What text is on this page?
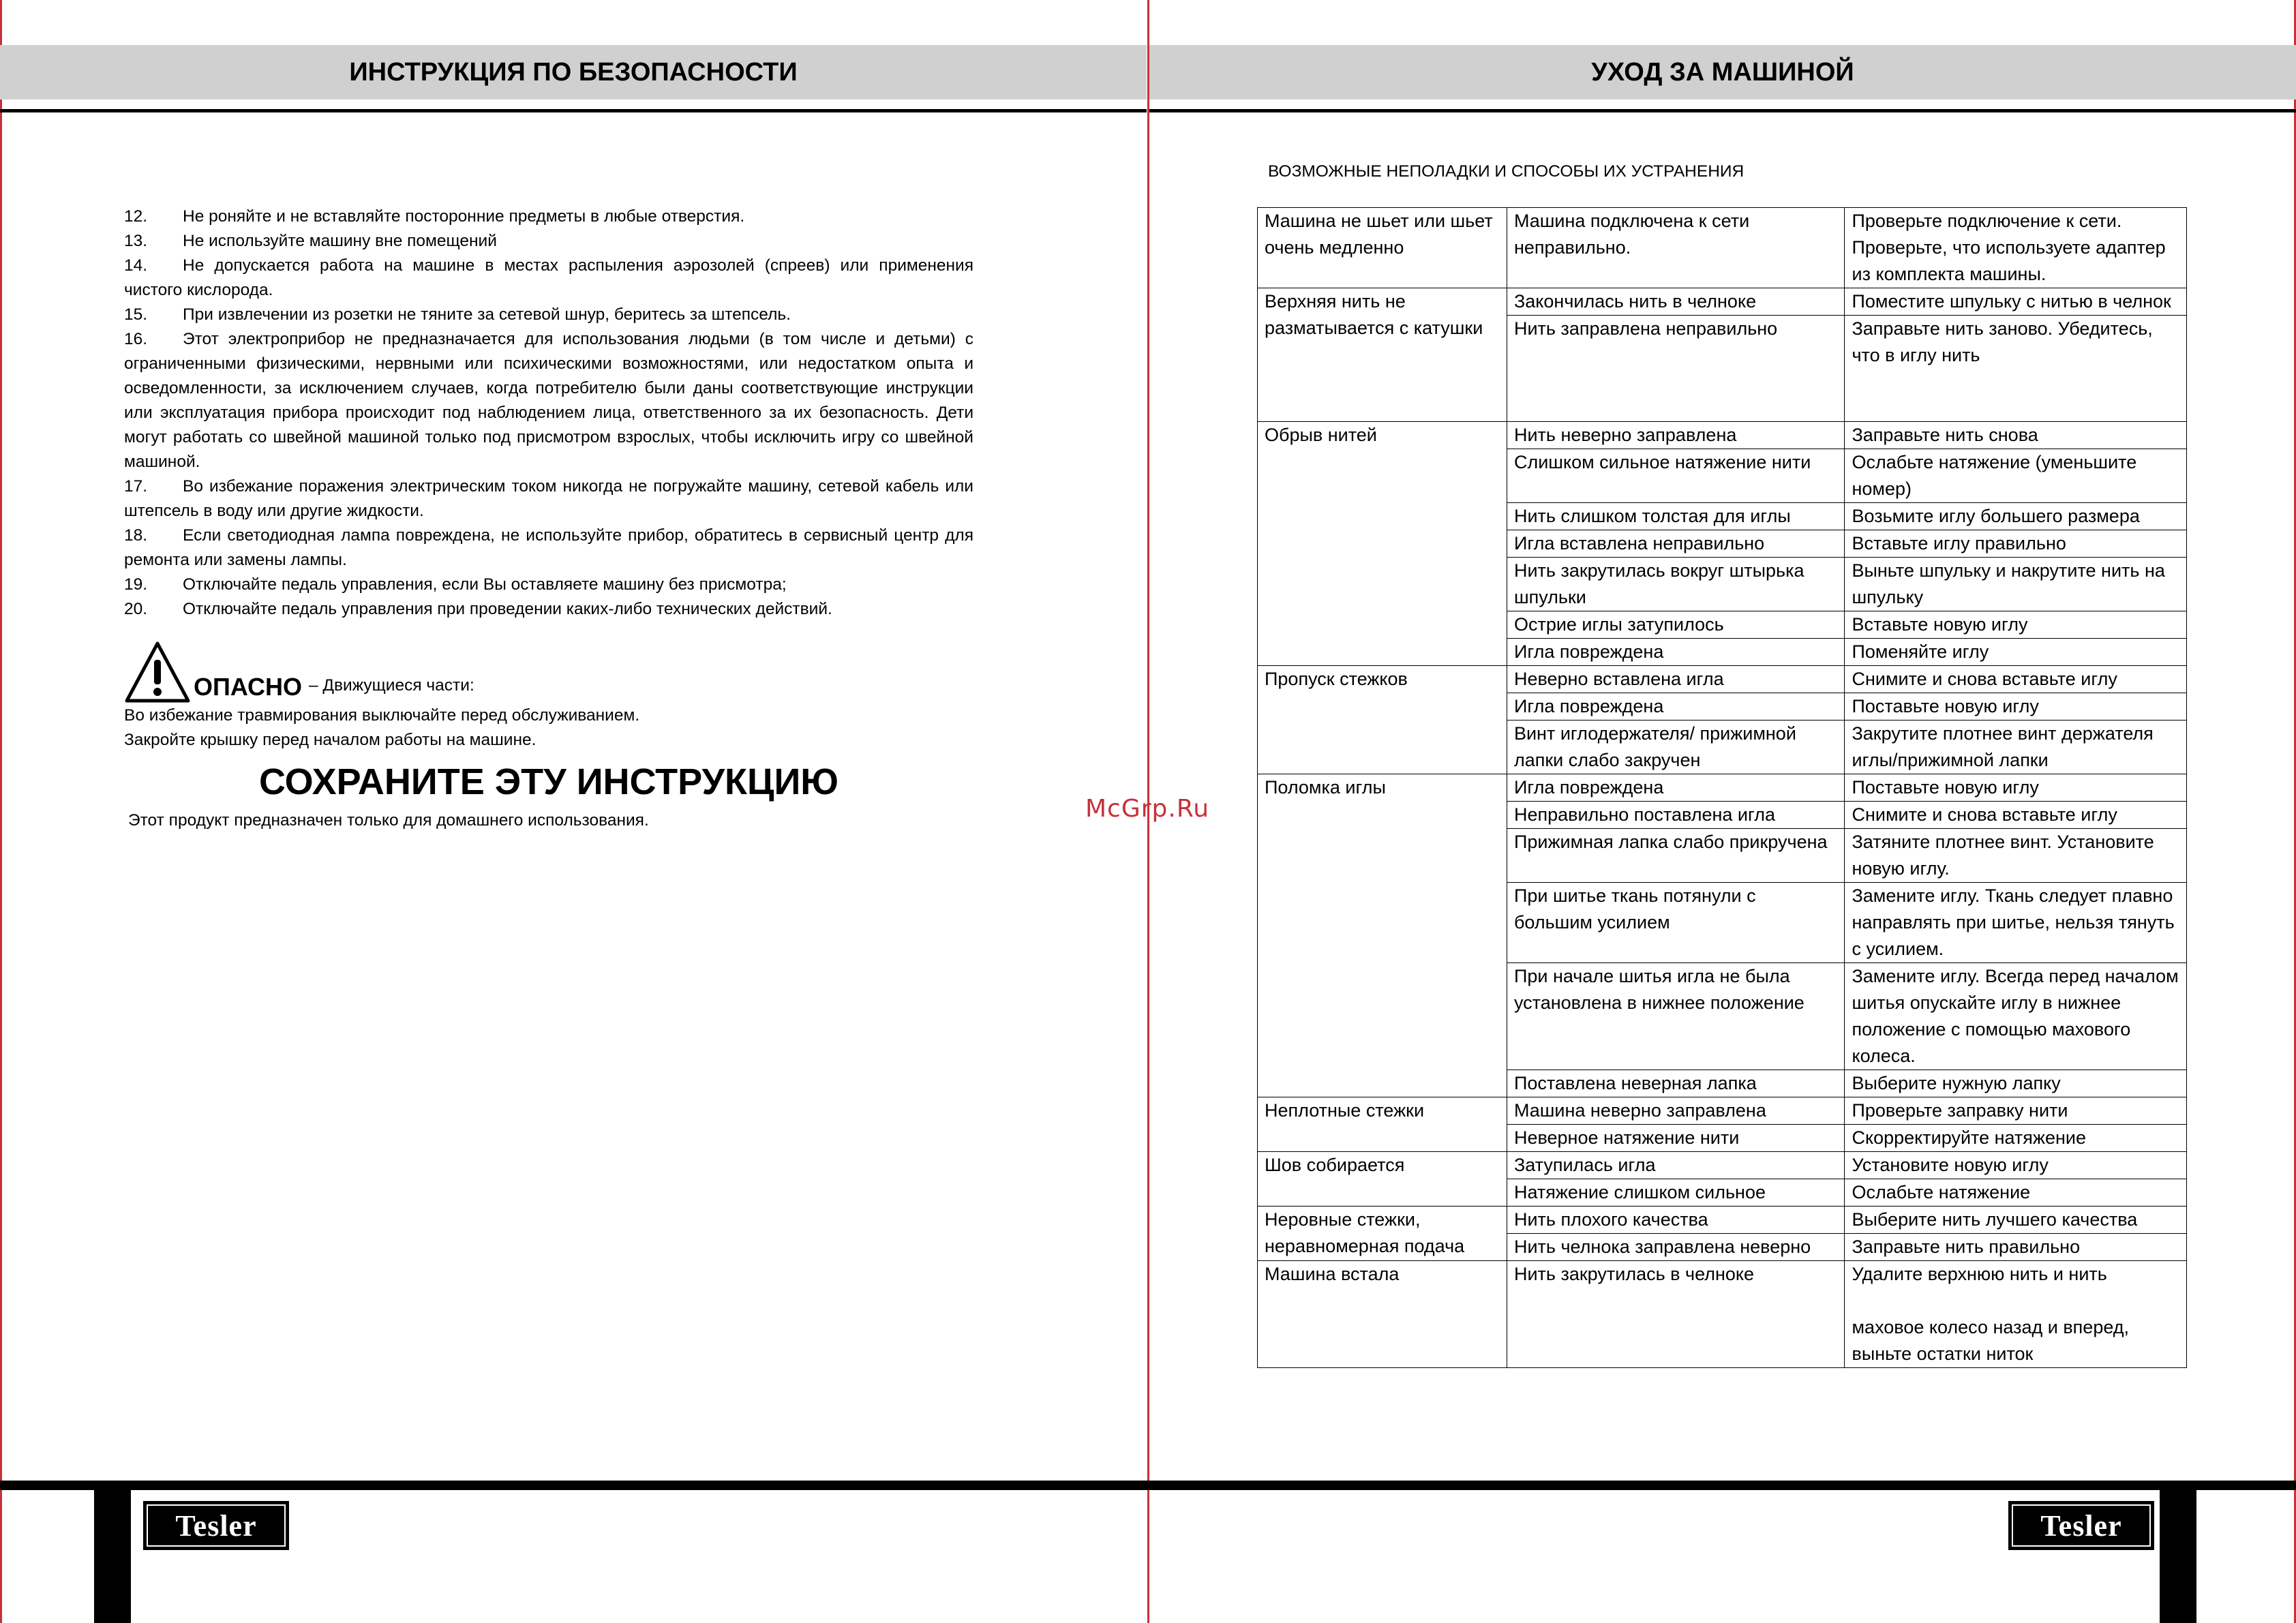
ИНСТРУКЦИЯ ПО БЕЗОПАСНОСТИ	УХОД ЗА МАШИНОЙ
12. Не роняйте и не вставляйте посторонние предметы в любые отверстия.
13. Не используйте машину вне помещений
14. Не допускается работа на машине в местах распыления аэрозолей (спреев) или применения чистого кислорода.
15. При извлечении из розетки не тяните за сетевой шнур, беритесь за штепсель.
16. Этот электроприбор не предназначается для использования людьми (в том числе и детьми) с ограниченными физическими, нервными или психическими возможностями, или недостатком опыта и осведомленности, за исключением случаев, когда потребителю были даны соответствующие инструкции или эксплуатация прибора происходит под наблюдением лица, ответственного за их безопасность. Дети могут работать со швейной машиной только под присмотром взрослых, чтобы исключить игру со швейной машиной.
17. Во избежание поражения электрическим током никогда не погружайте машину, сетевой кабель или штепсель в воду или другие жидкости.
18. Если светодиодная лампа повреждена, не используйте прибор, обратитесь в сервисный центр для ремонта или замены лампы.
19. Отключайте педаль управления, если Вы оставляете машину без присмотра;
20. Отключайте педаль управления при проведении каких-либо технических действий.
ОПАСНО – Движущиеся части:
Во избежание травмирования выключайте перед обслуживанием.
Закройте крышку перед началом работы на машине.
СОХРАНИТЕ ЭТУ ИНСТРУКЦИЮ
Этот продукт предназначен только для домашнего использования.	McGrp.Ru
ВОЗМОЖНЫЕ НЕПОЛАДКИ И СПОСОБЫ ИХ УСТРАНЕНИЯ
Машина не шьет или шьет очень медленно	Машина подключена к сети неправильно.	Проверьте подключение к сети. Проверьте, что используете адаптер из комплекта машины.
Верхняя нить не разматывается с катушки	Закончилась нить в челноке	Поместите шпульку с нитью в челнок
	Нить заправлена неправильно	Заправьте нить заново. Убедитесь, что в иглу нить
Обрыв нитей	Нить неверно заправлена	Заправьте нить снова
	Слишком сильное натяжение нити	Ослабьте натяжение (уменьшите номер)
	Нить слишком толстая для иглы	Возьмите иглу большего размера
	Игла вставлена неправильно	Вставьте иглу правильно
	Нить закрутилась вокруг штырька шпульки	Выньте шпульку и накрутите нить на шпульку
	Острие иглы затупилось	Вставьте новую иглу
	Игла повреждена	Поменяйте иглу
Пропуск стежков	Неверно вставлена игла	Снимите и снова вставьте иглу
	Игла повреждена	Поставьте новую иглу
	Винт иглодержателя/ прижимной лапки слабо закручен	Закрутите плотнее винт держателя иглы/прижимной лапки
Поломка иглы	Игла повреждена	Поставьте новую иглу
	Неправильно поставлена игла	Снимите и снова вставьте иглу
	Прижимная лапка слабо прикручена	Затяните плотнее винт. Установите новую иглу.
	При шитье ткань потянули с большим усилием	Замените иглу. Ткань следует плавно направлять при шитье, нельзя тянуть с усилием.
	При начале шитья игла не была установлена в нижнее положение	Замените иглу. Всегда перед началом шитья опускайте иглу в нижнее положение с помощью махового колеса.
	Поставлена неверная лапка	Выберите нужную лапку
Неплотные стежки	Машина неверно заправлена	Проверьте заправку нити
	Неверное натяжение нити	Скорректируйте натяжение
Шов собирается	Затупилась игла	Установите новую иглу
	Натяжение слишком сильное	Ослабьте натяжение
Неровные стежки, неравномерная подача	Нить плохого качества	Выберите нить лучшего качества
	Нить челнока заправлена неверно	Заправьте нить правильно
Машина встала	Нить закрутилась в челноке	Удалите верхнюю нить и нить
маховое колесо назад и вперед, выньте остатки ниток
4	17
Tesler	Tesler
